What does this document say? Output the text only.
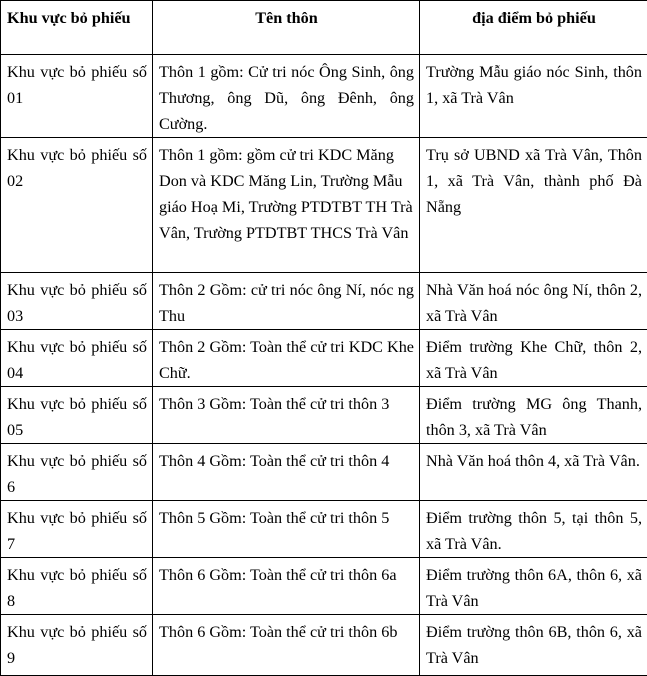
Khu vực bỏ phiếu	Tên thôn	địa điểm bỏ phiếu
Khu vực bỏ phiếu số 01	Thôn 1 gồm: Cử tri nóc Ông Sinh, ông Thương, ông Dũ, ông Đênh, ông Cường.	Trường Mẫu giáo nóc Sinh, thôn 1, xã Trà Vân
Khu vực bỏ phiếu số 02	Thôn 1 gồm: gồm cử tri KDC Măng Don và KDC Măng Lin, Trường Mẫu giáo Hoạ Mi, Trường PTDTBT TH Trà Vân, Trường PTDTBT THCS Trà Vân	Trụ sở UBND xã Trà Vân, Thôn 1, xã Trà Vân, thành phố Đà Nẵng
Khu vực bỏ phiếu số 03	Thôn 2 Gồm: cử tri nóc ông Ní, nóc ng Thu	Nhà Văn hoá nóc ông Ní, thôn 2, xã Trà Vân
Khu vực bỏ phiếu số 04	Thôn 2 Gồm: Toàn thể cử tri KDC Khe Chữ.	Điểm trường Khe Chữ, thôn 2, xã Trà Vân
Khu vực bỏ phiếu số 05	Thôn 3 Gồm: Toàn thể cử tri thôn 3	Điểm trường MG ông Thanh, thôn 3, xã Trà Vân
Khu vực bỏ phiếu số 6	Thôn 4 Gồm: Toàn thể cử tri thôn 4	Nhà Văn hoá thôn 4, xã Trà Vân.
Khu vực bỏ phiếu số 7	Thôn 5 Gồm: Toàn thể cử tri thôn 5	Điểm trường thôn 5, tại thôn 5, xã Trà Vân.
Khu vực bỏ phiếu số 8	Thôn 6 Gồm: Toàn thể cử tri thôn 6a	Điểm trường thôn 6A, thôn 6, xã Trà Vân
Khu vực bỏ phiếu số 9	Thôn 6 Gồm: Toàn thể cử tri thôn 6b	Điểm trường thôn 6B, thôn 6, xã Trà Vân
